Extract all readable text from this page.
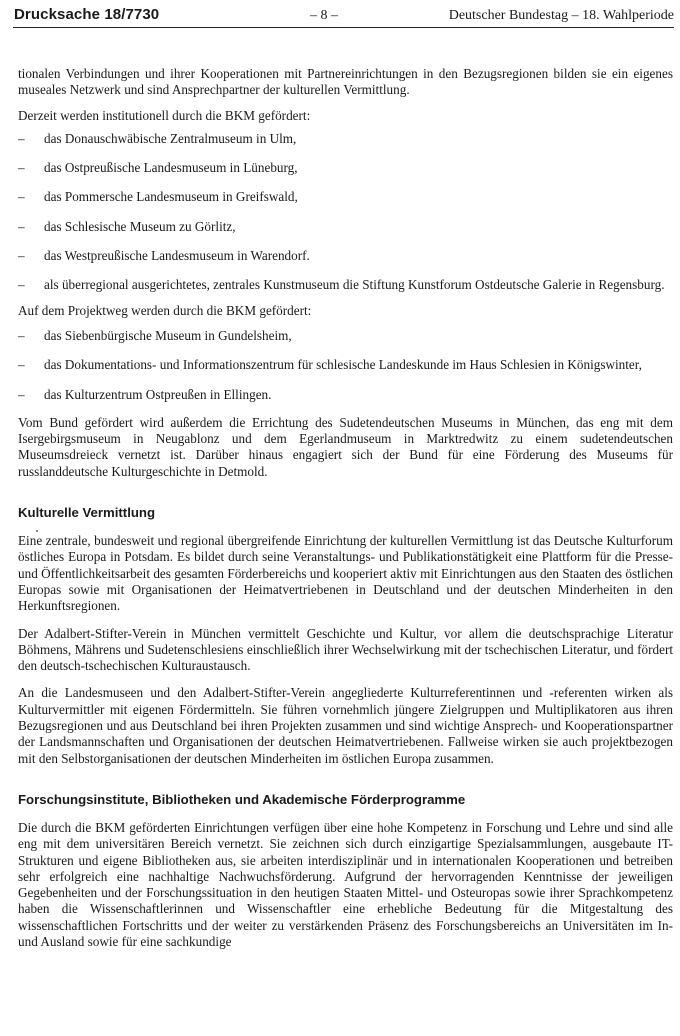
Drucksache 18/7730	– 8 –	Deutscher Bundestag – 18. Wahlperiode

tionalen Verbindungen und ihrer Kooperationen mit Partnereinrichtungen in den Bezugsregionen bilden sie ein eigenes museales Netzwerk und sind Ansprechpartner der kulturellen Vermittlung.

Derzeit werden institutionell durch die BKM gefördert:

–	das Donauschwäbische Zentralmuseum in Ulm,
–	das Ostpreußische Landesmuseum in Lüneburg,
–	das Pommersche Landesmuseum in Greifswald,
–	das Schlesische Museum zu Görlitz,
–	das Westpreußische Landesmuseum in Warendorf.
–	als überregional ausgerichtetes, zentrales Kunstmuseum die Stiftung Kunstforum Ostdeutsche Galerie in Regensburg.

Auf dem Projektweg werden durch die BKM gefördert:

–	das Siebenbürgische Museum in Gundelsheim,
–	das Dokumentations- und Informationszentrum für schlesische Landeskunde im Haus Schlesien in Königswinter,
–	das Kulturzentrum Ostpreußen in Ellingen.

Vom Bund gefördert wird außerdem die Errichtung des Sudetendeutschen Museums in München, das eng mit dem Isergebirgsmuseum in Neugablonz und dem Egerlandmuseum in Marktredwitz zu einem sudetendeutschen Museumsdreieck vernetzt ist. Darüber hinaus engagiert sich der Bund für eine Förderung des Museums für russlanddeutsche Kulturgeschichte in Detmold.

Kulturelle Vermittlung

Eine zentrale, bundesweit und regional übergreifende Einrichtung der kulturellen Vermittlung ist das Deutsche Kulturforum östliches Europa in Potsdam. Es bildet durch seine Veranstaltungs- und Publikationstätigkeit eine Plattform für die Presse- und Öffentlichkeitsarbeit des gesamten Förderbereichs und kooperiert aktiv mit Einrichtungen aus den Staaten des östlichen Europas sowie mit Organisationen der Heimatvertriebenen in Deutschland und der deutschen Minderheiten in den Herkunftsregionen.

Der Adalbert-Stifter-Verein in München vermittelt Geschichte und Kultur, vor allem die deutschsprachige Literatur Böhmens, Mährens und Sudetenschlesiens einschließlich ihrer Wechselwirkung mit der tschechischen Literatur, und fördert den deutsch-tschechischen Kulturaustausch.

An die Landesmuseen und den Adalbert-Stifter-Verein angegliederte Kulturreferentinnen und -referenten wirken als Kulturvermittler mit eigenen Fördermitteln. Sie führen vornehmlich jüngere Zielgruppen und Multiplikatoren aus ihren Bezugsregionen und aus Deutschland bei ihren Projekten zusammen und sind wichtige Ansprech- und Kooperationspartner der Landsmannschaften und Organisationen der deutschen Heimatvertriebenen. Fallweise wirken sie auch projektbezogen mit den Selbstorganisationen der deutschen Minderheiten im östlichen Europa zusammen.

Forschungsinstitute, Bibliotheken und Akademische Förderprogramme

Die durch die BKM geförderten Einrichtungen verfügen über eine hohe Kompetenz in Forschung und Lehre und sind alle eng mit dem universitären Bereich vernetzt. Sie zeichnen sich durch einzigartige Spezialsammlungen, ausgebaute IT-Strukturen und eigene Bibliotheken aus, sie arbeiten interdisziplinär und in internationalen Kooperationen und betreiben sehr erfolgreich eine nachhaltige Nachwuchsförderung. Aufgrund der hervorragenden Kenntnisse der jeweiligen Gegebenheiten und der Forschungssituation in den heutigen Staaten Mittel- und Osteuropas sowie ihrer Sprachkompetenz haben die Wissenschaftlerinnen und Wissenschaftler eine erhebliche Bedeutung für die Mitgestaltung des wissenschaftlichen Fortschritts und der weiter zu verstärkenden Präsenz des Forschungsbereichs an Universitäten im In- und Ausland sowie für eine sachkundige
